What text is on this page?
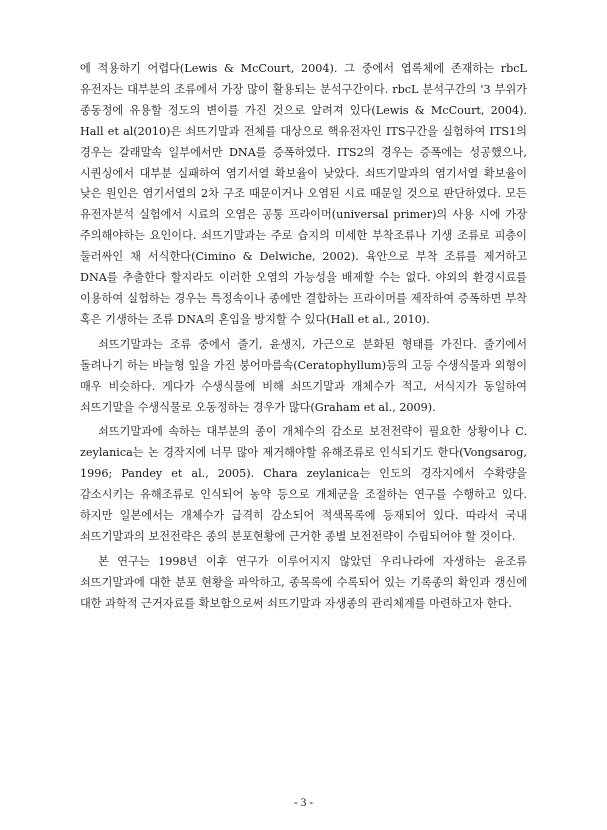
에 적용하기 어렵다(Lewis & McCourt, 2004). 그 중에서 엽록체에 존재하는 rbcL 유전자는 대부분의 조류에서 가장 많이 활용되는 분석구간이다. rbcL 분석구간의 '3 부위가 종동정에 유용할 정도의 변이를 가진 것으로 알려져 있다(Lewis & McCourt, 2004). Hall et al(2010)은 쇠뜨기말과 전체를 대상으로 핵유전자인 ITS구간을 실험하여 ITS1의 경우는 갈래말속 일부에서만 DNA를 증폭하였다. ITS2의 경우는 증폭에는 성공했으나, 시퀀싱에서 대부분 실패하여 염기서열 확보율이 낮았다. 쇠뜨기말과의 염기서열 확보율이 낮은 원인은 염기서열의 2차 구조 때문이거나 오염된 시료 때문일 것으로 판단하였다. 모든 유전자분석 실험에서 시료의 오염은 공통 프라이머(universal primer)의 사용 시에 가장 주의해야하는 요인이다. 쇠뜨기말과는 주로 습지의 미세한 부착조류나 기생 조류로 피층이 둘러싸인 채 서식한다(Cimino & Delwiche, 2002). 육안으로 부착 조류를 제거하고 DNA를 추출한다 할지라도 이러한 오염의 가능성을 배제할 수는 없다. 야외의 환경시료를 이용하여 실험하는 경우는 특정속이나 종에만 결합하는 프라이머를 제작하여 증폭하면 부착 혹은 기생하는 조류 DNA의 혼입을 방지할 수 있다(Hall et al., 2010).

쇠뜨기말과는 조류 중에서 줄기, 윤생지, 가근으로 분화된 형태를 가진다. 줄기에서 돌려나기 하는 바늘형 잎을 가진 붕어마름속(Ceratophyllum)등의 고등 수생식물과 외형이 매우 비슷하다. 게다가 수생식물에 비해 쇠뜨기말과 개체수가 적고, 서식지가 동일하여 쇠뜨기말을 수생식물로 오동정하는 경우가 많다(Graham et al., 2009).

쇠뜨기말과에 속하는 대부분의 종이 개체수의 감소로 보전전략이 필요한 상황이나 C. zeylanica는 논 경작지에 너무 많아 제거해야할 유해조류로 인식되기도 한다(Vongsarog, 1996; Pandey et al., 2005). Chara zeylanica는 인도의 경작지에서 수확량을 감소시키는 유해조류로 인식되어 농약 등으로 개체군을 조절하는 연구를 수행하고 있다. 하지만 일본에서는 개체수가 급격히 감소되어 적색목록에 등재되어 있다. 따라서 국내 쇠뜨기말과의 보전전략은 종의 분포현황에 근거한 종별 보전전략이 수립되어야 할 것이다.

본 연구는 1998년 이후 연구가 이루어지지 않았던 우리나라에 자생하는 윤조류 쇠뜨기말과에 대한 분포 현황을 파악하고, 종목록에 수록되어 있는 기록종의 확인과 갱신에 대한 과학적 근거자료를 확보함으로써 쇠뜨기말과 자생종의 관리체계를 마련하고자 한다.

- 3 -
